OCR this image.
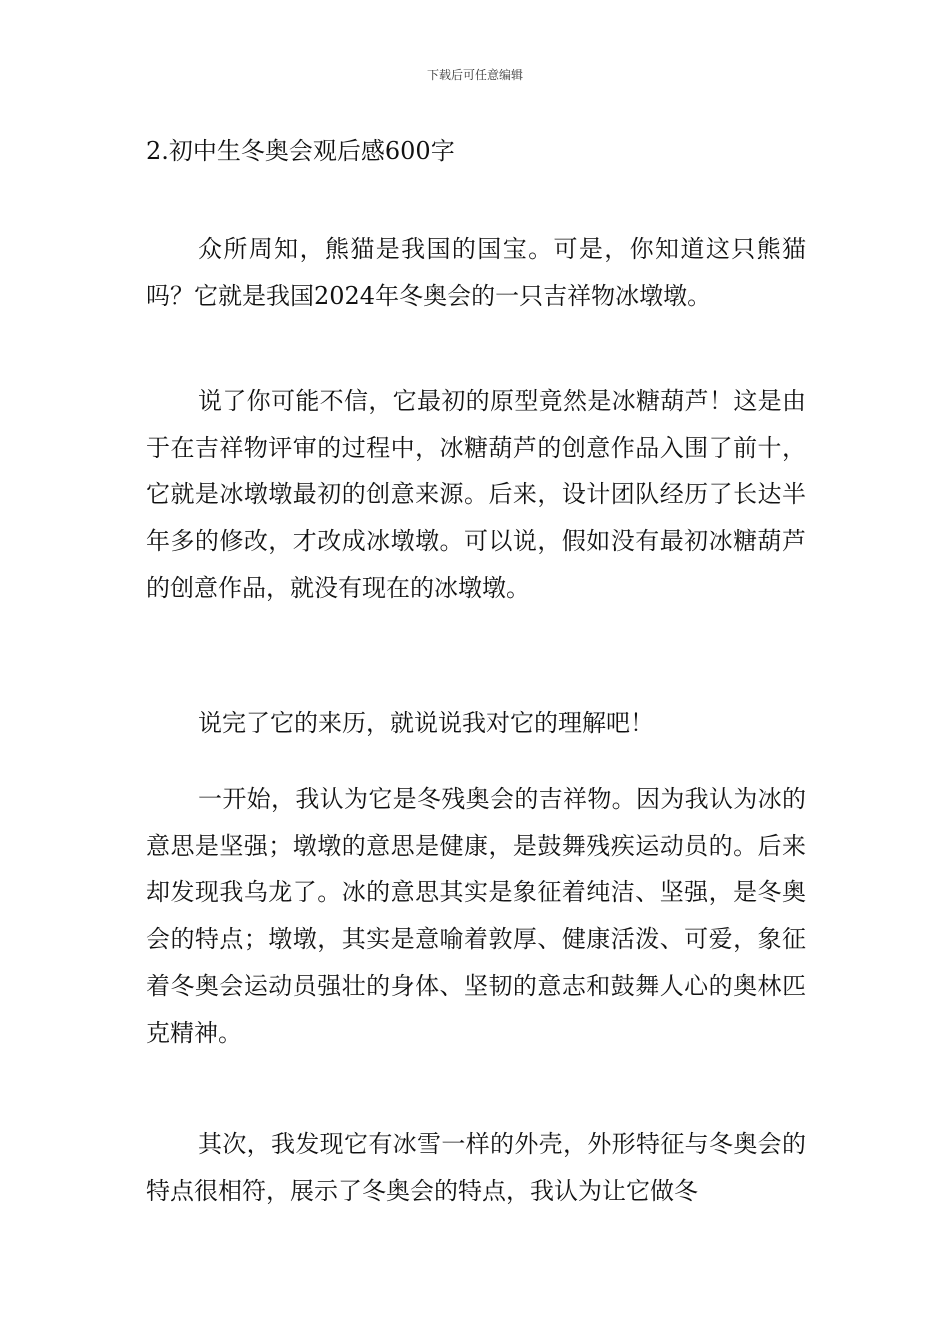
下载后可任意编辑
2.初中生冬奥会观后感600字

众所周知，熊猫是我国的国宝。可是，你知道这只熊猫吗？它就是我国2024年冬奥会的一只吉祥物冰墩墩。

说了你可能不信，它最初的原型竟然是冰糖葫芦！这是由于在吉祥物评审的过程中，冰糖葫芦的创意作品入围了前十，它就是冰墩墩最初的创意来源。后来，设计团队经历了长达半年多的修改，才改成冰墩墩。可以说，假如没有最初冰糖葫芦的创意作品，就没有现在的冰墩墩。

说完了它的来历，就说说我对它的理解吧！

一开始，我认为它是冬残奥会的吉祥物。因为我认为冰的意思是坚强；墩墩的意思是健康，是鼓舞残疾运动员的。后来却发现我乌龙了。冰的意思其实是象征着纯洁、坚强，是冬奥会的特点；墩墩，其实是意喻着敦厚、健康活泼、可爱，象征着冬奥会运动员强壮的身体、坚韧的意志和鼓舞人心的奥林匹克精神。

其次，我发现它有冰雪一样的外壳，外形特征与冬奥会的特点很相符，展示了冬奥会的特点，我认为让它做冬
